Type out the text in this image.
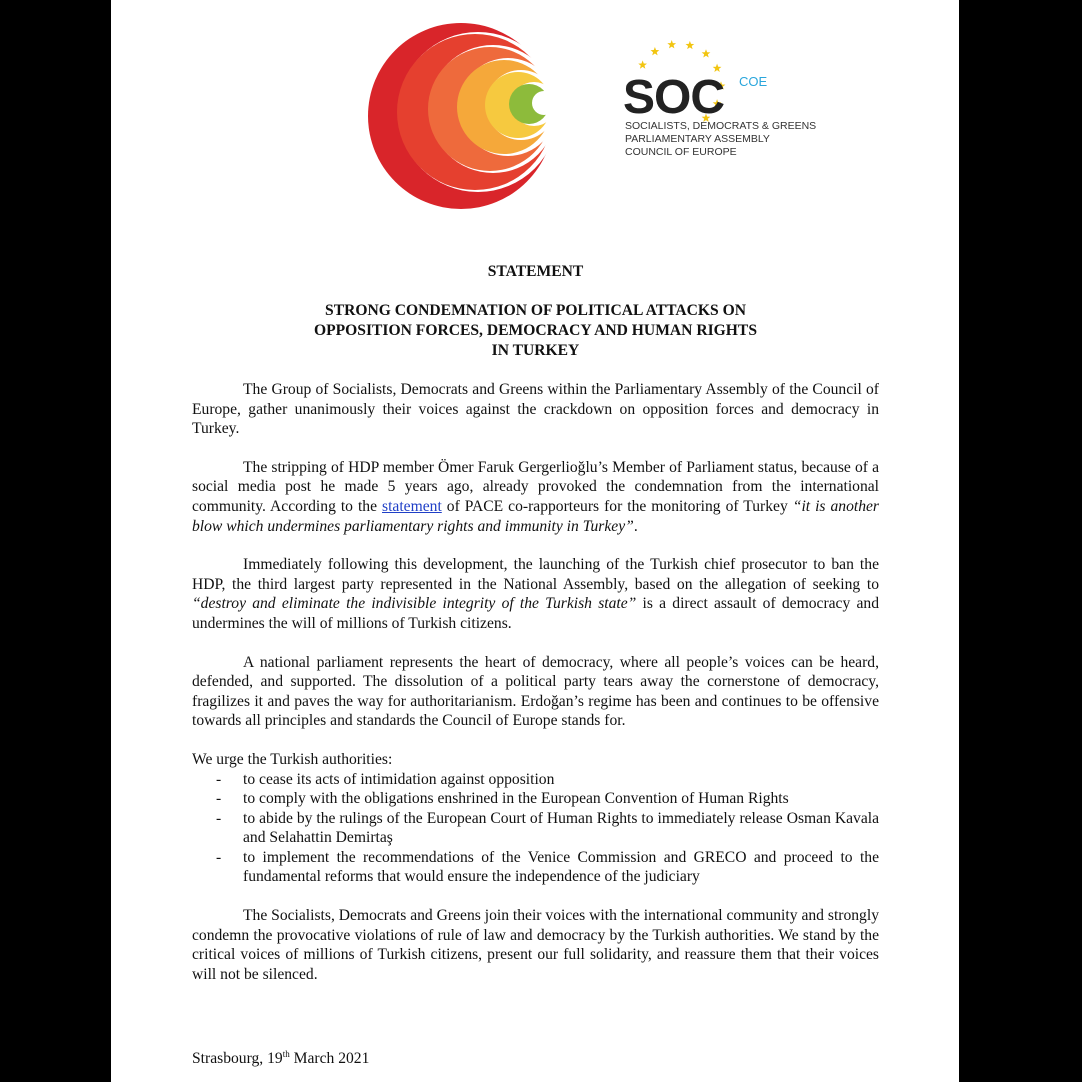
SOC COE
SOCIALISTS, DEMOCRATS & GREENS
PARLIAMENTARY ASSEMBLY
COUNCIL OF EUROPE
STATEMENT
STRONG CONDEMNATION OF POLITICAL ATTACKS ON
OPPOSITION FORCES, DEMOCRACY AND HUMAN RIGHTS
IN TURKEY

The Group of Socialists, Democrats and Greens within the Parliamentary Assembly of the Council of Europe, gather unanimously their voices against the crackdown on opposition forces and democracy in Turkey.

The stripping of HDP member Ömer Faruk Gergerlioğlu’s Member of Parliament status, because of a social media post he made 5 years ago, already provoked the condemnation from the international community. According to the statement of PACE co-rapporteurs for the monitoring of Turkey “it is another blow which undermines parliamentary rights and immunity in Turkey”.

Immediately following this development, the launching of the Turkish chief prosecutor to ban the HDP, the third largest party represented in the National Assembly, based on the allegation of seeking to “destroy and eliminate the indivisible integrity of the Turkish state” is a direct assault of democracy and undermines the will of millions of Turkish citizens.

A national parliament represents the heart of democracy, where all people’s voices can be heard, defended, and supported. The dissolution of a political party tears away the cornerstone of democracy, fragilizes it and paves the way for authoritarianism. Erdoğan’s regime has been and continues to be offensive towards all principles and standards the Council of Europe stands for.

We urge the Turkish authorities:

- to cease its acts of intimidation against opposition
- to comply with the obligations enshrined in the European Convention of Human Rights
- to abide by the rulings of the European Court of Human Rights to immediately release Osman Kavala and Selahattin Demirtaş
- to implement the recommendations of the Venice Commission and GRECO and proceed to the fundamental reforms that would ensure the independence of the judiciary

The Socialists, Democrats and Greens join their voices with the international community and strongly condemn the provocative violations of rule of law and democracy by the Turkish authorities. We stand by the critical voices of millions of Turkish citizens, present our full solidarity, and reassure them that their voices will not be silenced.

Strasbourg, 19th March 2021
